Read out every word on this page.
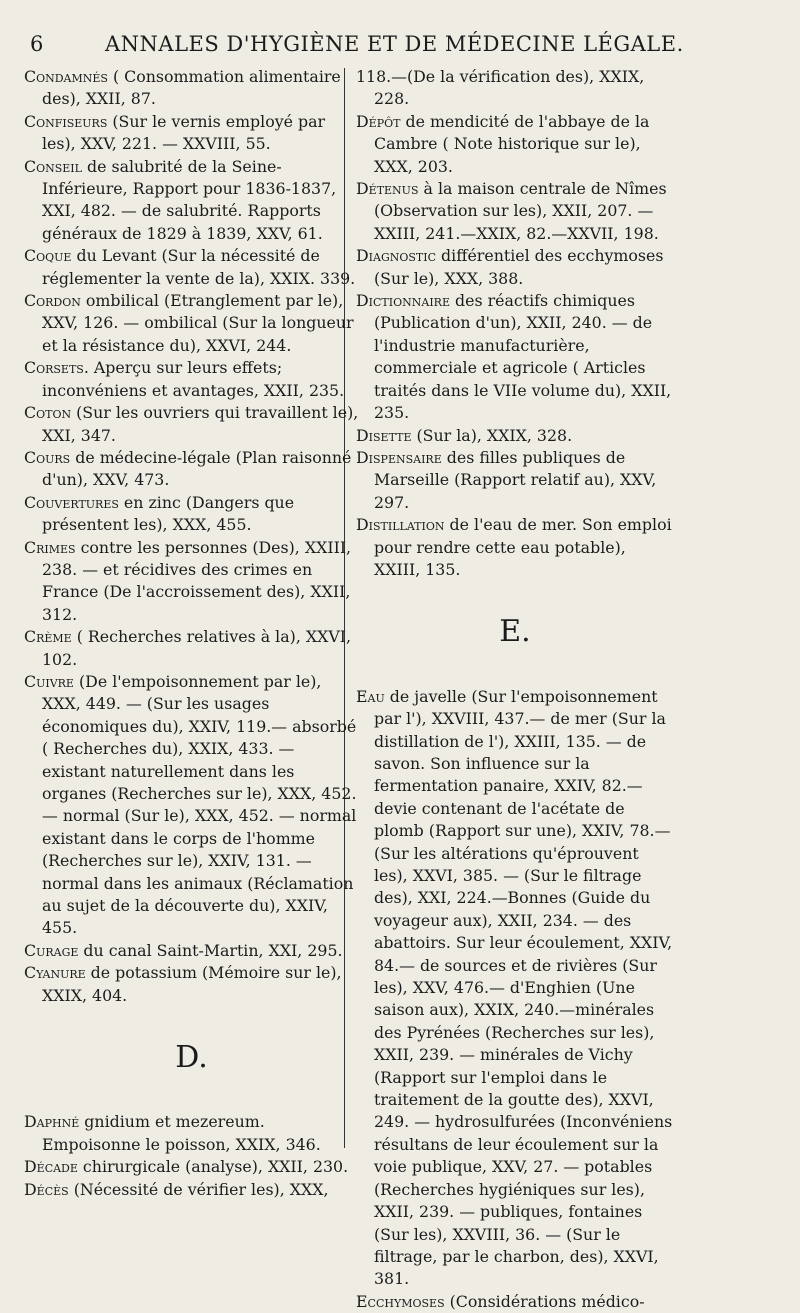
6	ANNALES D'HYGIÈNE ET DE MÉDECINE LÉGALE.

Condamnés ( Consommation alimentaire des), XXII, 87.

Confiseurs (Sur le vernis employé par les), XXV, 221. — XXVIII, 55.

Conseil de salubrité de la Seine-Inférieure, Rapport pour 1836-1837, XXI, 482. — de salubrité. Rapports généraux de 1829 à 1839, XXV, 61.

Coque du Levant (Sur la nécessité de réglementer la vente de la), XXIX. 339.

Cordon ombilical (Etranglement par le), XXV, 126. — ombilical (Sur la longueur et la résistance du), XXVI, 244.

Corsets. Aperçu sur leurs effets; inconvéniens et avantages, XXII, 235.

Coton (Sur les ouvriers qui travaillent le), XXI, 347.

Cours de médecine-légale (Plan raisonné d'un), XXV, 473.

Couvertures en zinc (Dangers que présentent les), XXX, 455.

Crimes contre les personnes (Des), XXIII, 238. — et récidives des crimes en France (De l'accroissement des), XXII, 312.

Crème ( Recherches relatives à la), XXVI, 102.

Cuivre (De l'empoisonnement par le), XXX, 449. — (Sur les usages économiques du), XXIV, 119.— absorbé ( Recherches du), XXIX, 433. — existant naturellement dans les organes (Recherches sur le), XXX, 452. — normal (Sur le), XXX, 452. — normal existant dans le corps de l'homme (Recherches sur le), XXIV, 131. — normal dans les animaux (Réclamation au sujet de la découverte du), XXIV, 455.

Curage du canal Saint-Martin, XXI, 295.

Cyanure de potassium (Mémoire sur le), XXIX, 404.

D.

Daphné gnidium et mezereum. Empoisonne le poisson, XXIX, 346.

Décade chirurgicale (analyse), XXII, 230.

Décès (Nécessité de vérifier les), XXX,

118.—(De la vérification des), XXIX, 228.

Dépôt de mendicité de l'abbaye de la Cambre ( Note historique sur le), XXX, 203.

Détenus à la maison centrale de Nîmes (Observation sur les), XXII, 207. —XXIII, 241.—XXIX, 82.—XXVII, 198.

Diagnostic différentiel des ecchymoses (Sur le), XXX, 388.

Dictionnaire des réactifs chimiques (Publication d'un), XXII, 240. — de l'industrie manufacturière, commerciale et agricole ( Articles traités dans le VIIe volume du), XXII, 235.

Disette (Sur la), XXIX, 328.

Dispensaire des filles publiques de Marseille (Rapport relatif au), XXV, 297.

Distillation de l'eau de mer. Son emploi pour rendre cette eau potable), XXIII, 135.

E.

Eau de javelle (Sur l'empoisonnement par l'), XXVIII, 437.— de mer (Sur la distillation de l'), XXIII, 135. — de savon. Son influence sur la fermentation panaire, XXIV, 82.— devie contenant de l'acétate de plomb (Rapport sur une), XXIV, 78.—(Sur les altérations qu'éprouvent les), XXVI, 385. — (Sur le filtrage des), XXI, 224.—Bonnes (Guide du voyageur aux), XXII, 234. — des abattoirs. Sur leur écoulement, XXIV, 84.— de sources et de rivières (Sur les), XXV, 476.— d'Enghien (Une saison aux), XXIX, 240.—minérales des Pyrénées (Recherches sur les), XXII, 239. — minérales de Vichy (Rapport sur l'emploi dans le traitement de la goutte des), XXVI, 249. — hydrosulfurées (Inconvéniens résultans de leur écoulement sur la voie publique, XXV, 27. — potables (Recherches hygiéniques sur les), XXII, 239. — publiques, fontaines (Sur les), XXVIII, 36. — (Sur le filtrage, par le charbon, des), XXVI, 381.

Ecchymoses (Considérations médico-
